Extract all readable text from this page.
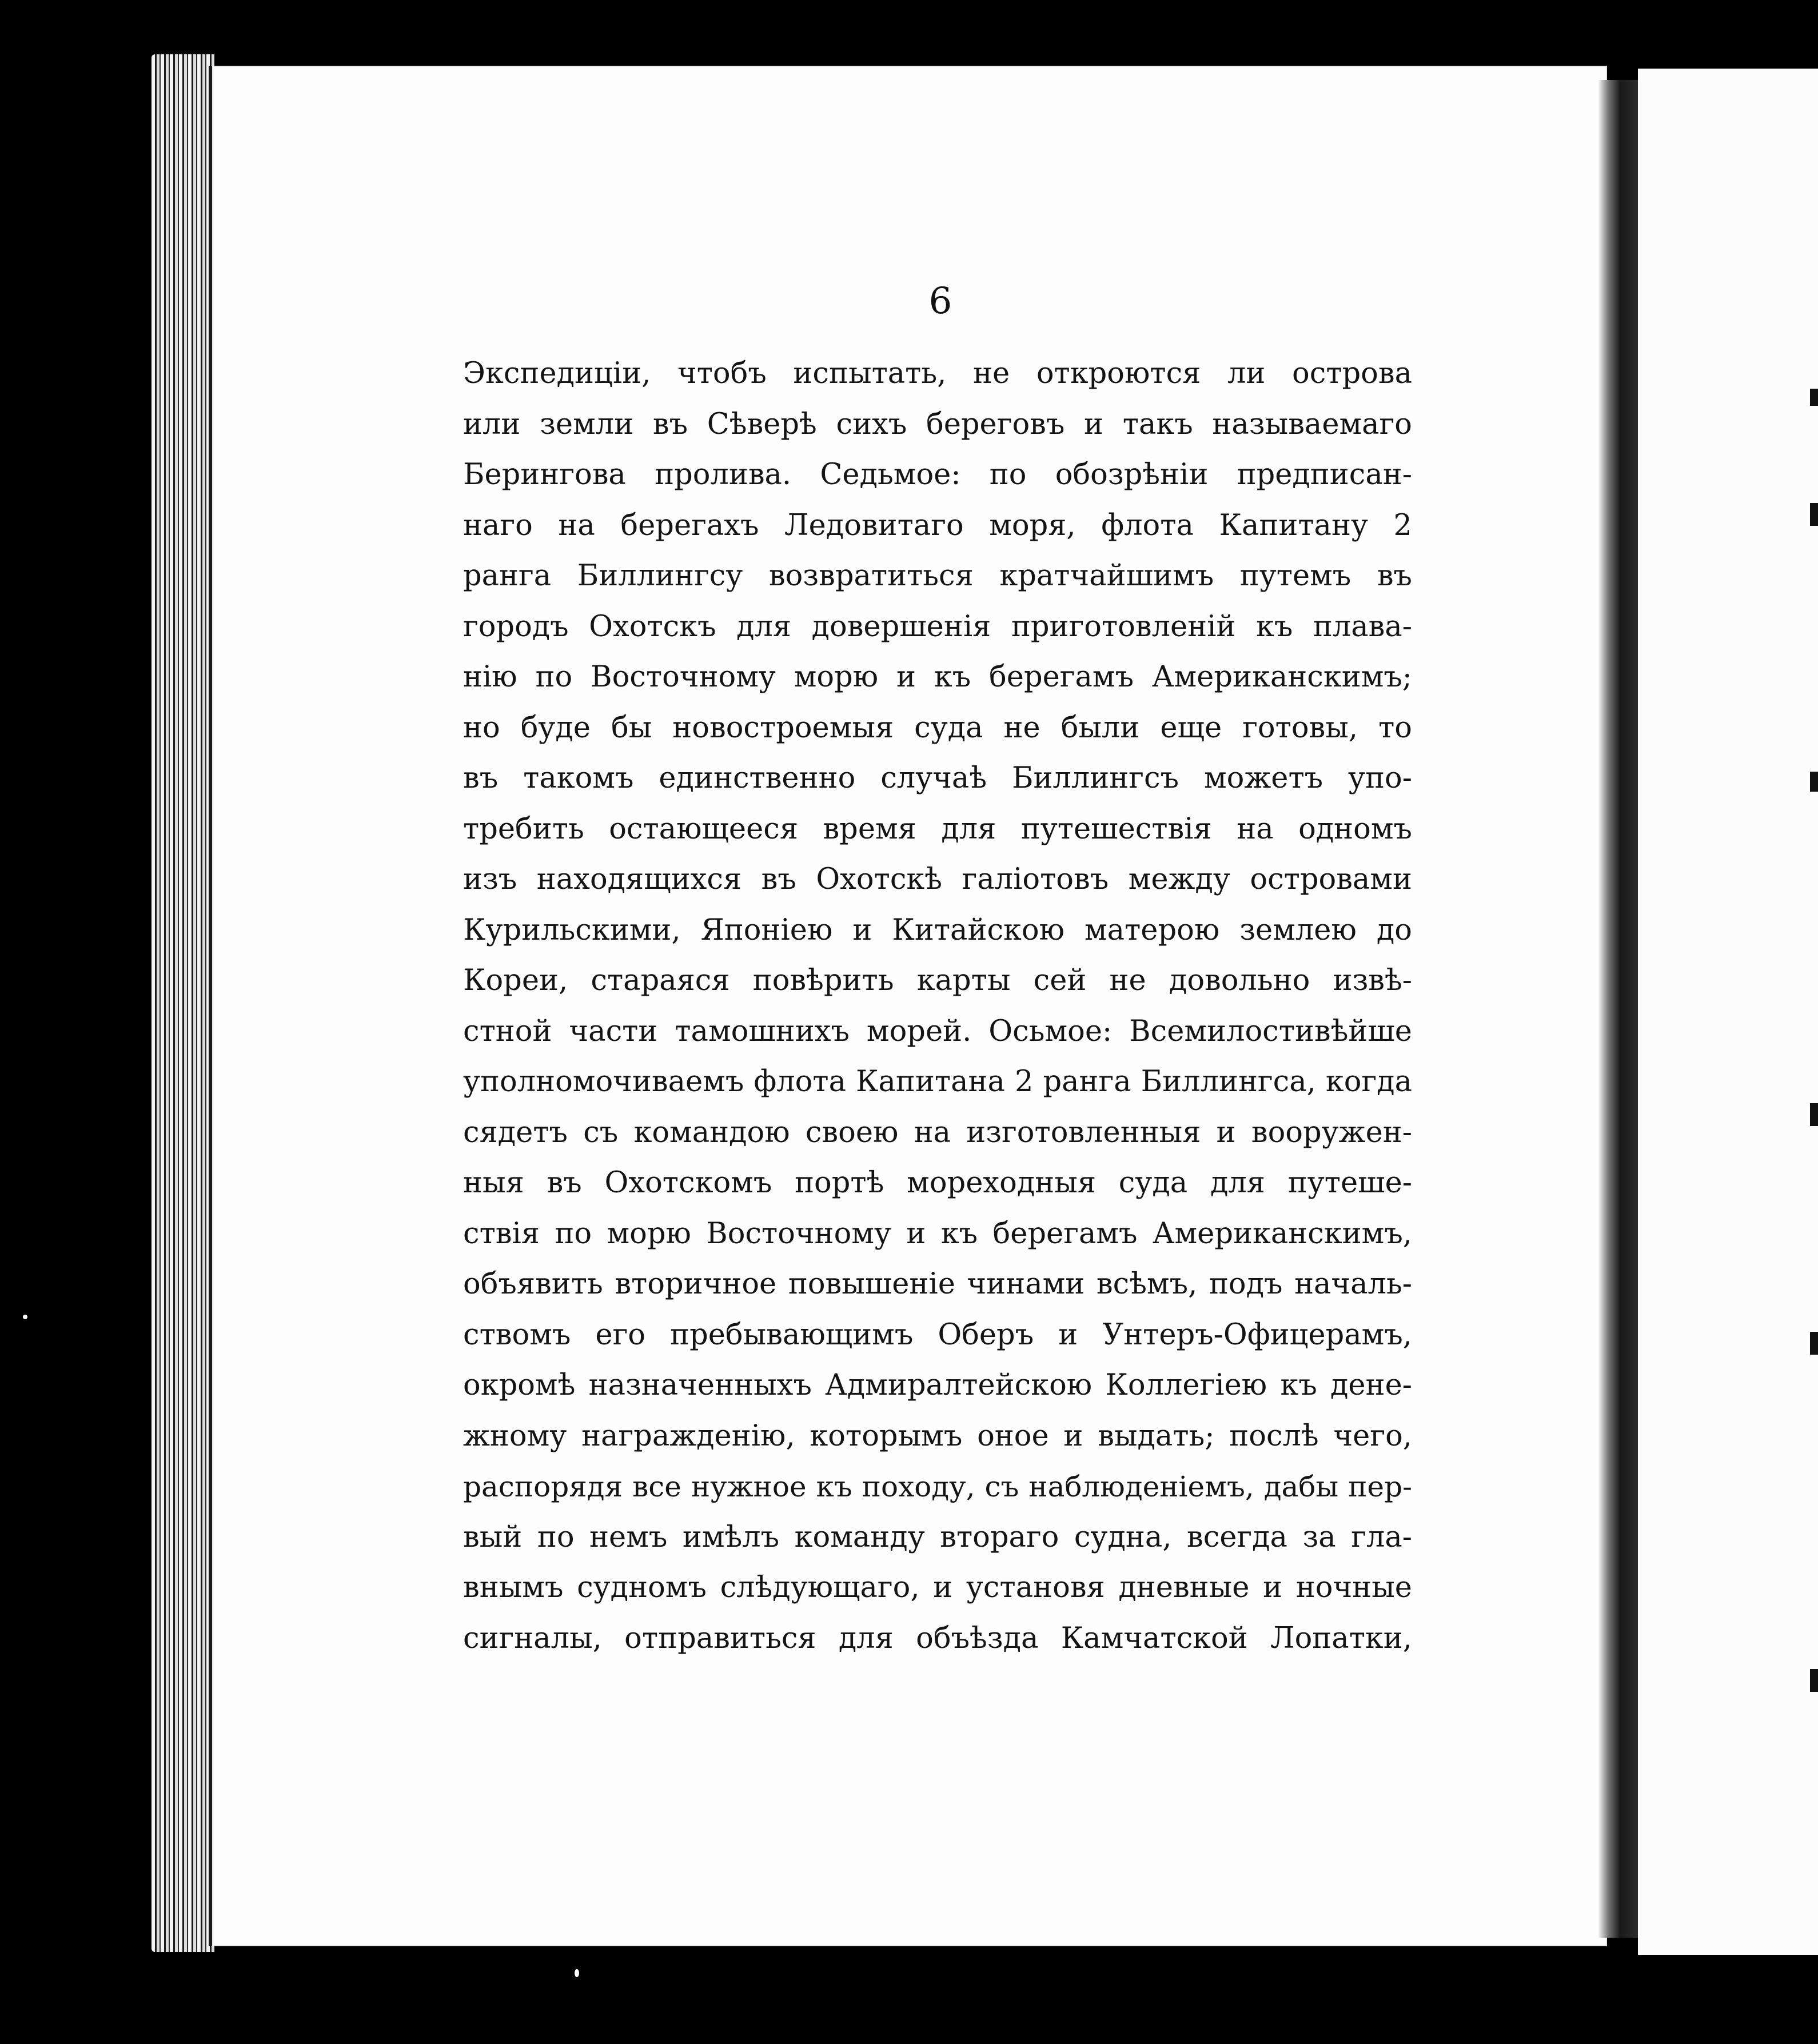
6
Экспедиціи, чтобъ испытать, не откроются ли острова
или земли въ Сѣверѣ сихъ береговъ и такъ называемаго
Берингова пролива. Седьмое: по обозрѣніи предписан-
наго на берегахъ Ледовитаго моря, флота Капитану 2
ранга Биллингсу возвратиться кратчайшимъ путемъ въ
городъ Охотскъ для довершенія приготовленій къ плава-
нію по Восточному морю и къ берегамъ Американскимъ;
но буде бы новостроемыя суда не были еще готовы, то
въ такомъ единственно случаѣ Биллингсъ можетъ упо-
требить остающееся время для путешествія на одномъ
изъ находящихся въ Охотскѣ галіотовъ между островами
Курильскими, Японіею и Китайскою матерою землею до
Кореи, стараяся повѣрить карты сей не довольно извѣ-
стной части тамошнихъ морей. Осьмое: Всемилостивѣйше
уполномочиваемъ флота Капитана 2 ранга Биллингса, когда
сядетъ съ командою своею на изготовленныя и вооружен-
ныя въ Охотскомъ портѣ мореходныя суда для путеше-
ствія по морю Восточному и къ берегамъ Американскимъ,
объявить вторичное повышеніе чинами всѣмъ, подъ началь-
ствомъ его пребывающимъ Оберъ и Унтеръ-Офицерамъ,
окромѣ назначенныхъ Адмиралтейскою Коллегіею къ дене-
жному награжденію, которымъ оное и выдать; послѣ чего,
распорядя все нужное къ походу, съ наблюденіемъ, дабы пер-
вый по немъ имѣлъ команду втораго судна, всегда за гла-
внымъ судномъ слѣдующаго, и установя дневные и ночные
сигналы, отправиться для объѣзда Камчатской Лопатки,
